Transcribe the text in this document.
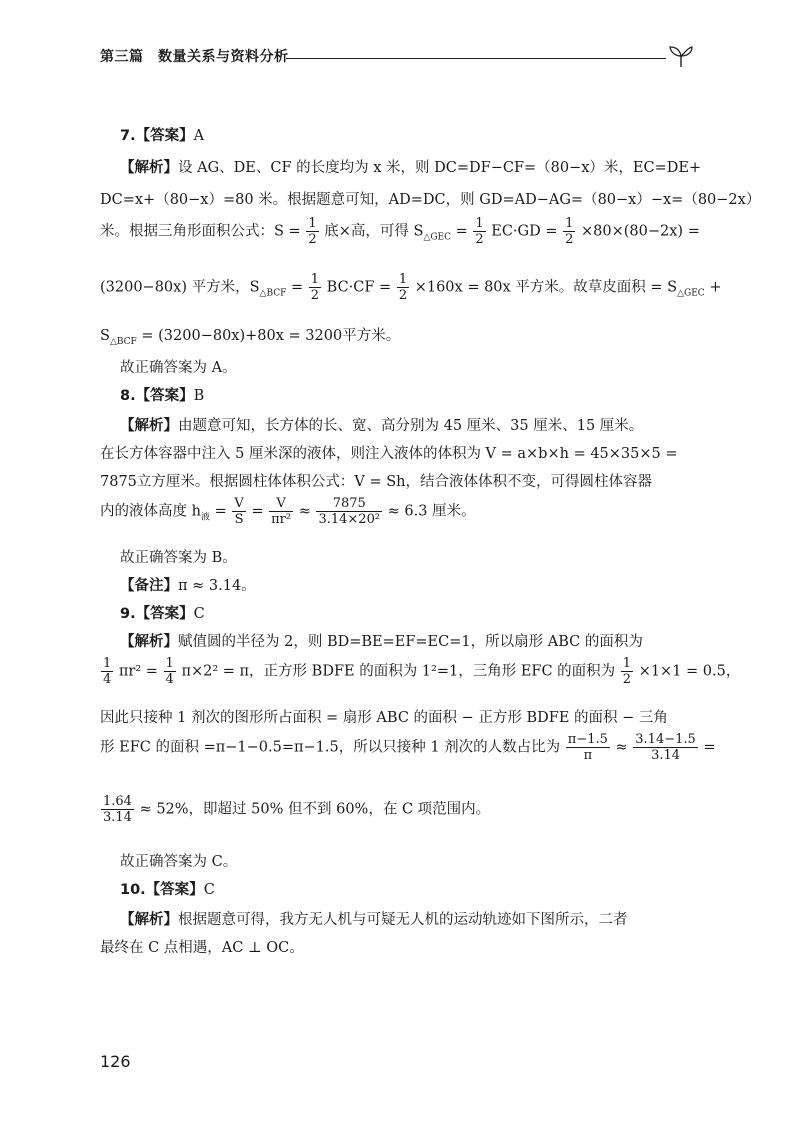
第三篇　数量关系与资料分析
7.【答案】A
【解析】设 AG、DE、CF 的长度均为 x 米，则 DC=DF−CF=（80−x）米，EC=DE+
DC=x+（80−x）=80 米。根据题意可知，AD=DC，则 GD=AD−AG=（80−x）−x=（80−2x）
米。根据三角形面积公式：$S = \frac{1}{2}$ 底×高，可得 $S_{\triangle GEC} = \frac{1}{2} EC\cdot GD = \frac{1}{2} \times 80\times(80-2x)$ =
(3200−80x) 平方米，$S_{\triangle BCF} = \frac{1}{2} BC\cdot CF = \frac{1}{2} \times 160x = 80x$ 平方米。故草皮面积 = $S_{\triangle GEC}$ +
$S_{\triangle BCF} = (3200-80x)+80x = 3200$平方米。
故正确答案为 A。
8.【答案】B
【解析】由题意可知，长方体的长、宽、高分别为 45 厘米、35 厘米、15 厘米。
在长方体容器中注入 5 厘米深的液体，则注入液体的体积为 V = a×b×h = 45×35×5 =
7875立方厘米。根据圆柱体体积公式：V = Sh，结合液体体积不变，可得圆柱体容器
内的液体高度 $h_液 = \frac{V}{S} = \frac{V}{\text{πr²}} \approx \frac{7875}{\text{3.14×20²}} \approx 6.3$ 厘米。
故正确答案为 B。
【备注】π ≈ 3.14。
9.【答案】C
【解析】赋值圆的半径为 2，则 BD=BE=EF=EC=1，所以扇形 ABC 的面积为
$\frac{1}{4} \pi r^2 = \frac{1}{4} \pi\times 2^2 = \pi$，正方形 BDFE 的面积为 1²=1，三角形 EFC 的面积为 $\frac{1}{2} \times 1\times 1 = 0.5$，
因此只接种 1 剂次的图形所占面积 = 扇形 ABC 的面积 − 正方形 BDFE 的面积 − 三角
形 EFC 的面积 =π−1−0.5=π−1.5，所以只接种 1 剂次的人数占比为 $\frac{\pi-1.5}{\pi} \approx \frac{3.14-1.5}{3.14}$ =
$\frac{1.64}{3.14} \approx 52\%$，即超过 50% 但不到 60%，在 C 项范围内。
故正确答案为 C。
10.【答案】C
【解析】根据题意可得，我方无人机与可疑无人机的运动轨迹如下图所示，二者
最终在 C 点相遇，AC ⊥ OC。
126
